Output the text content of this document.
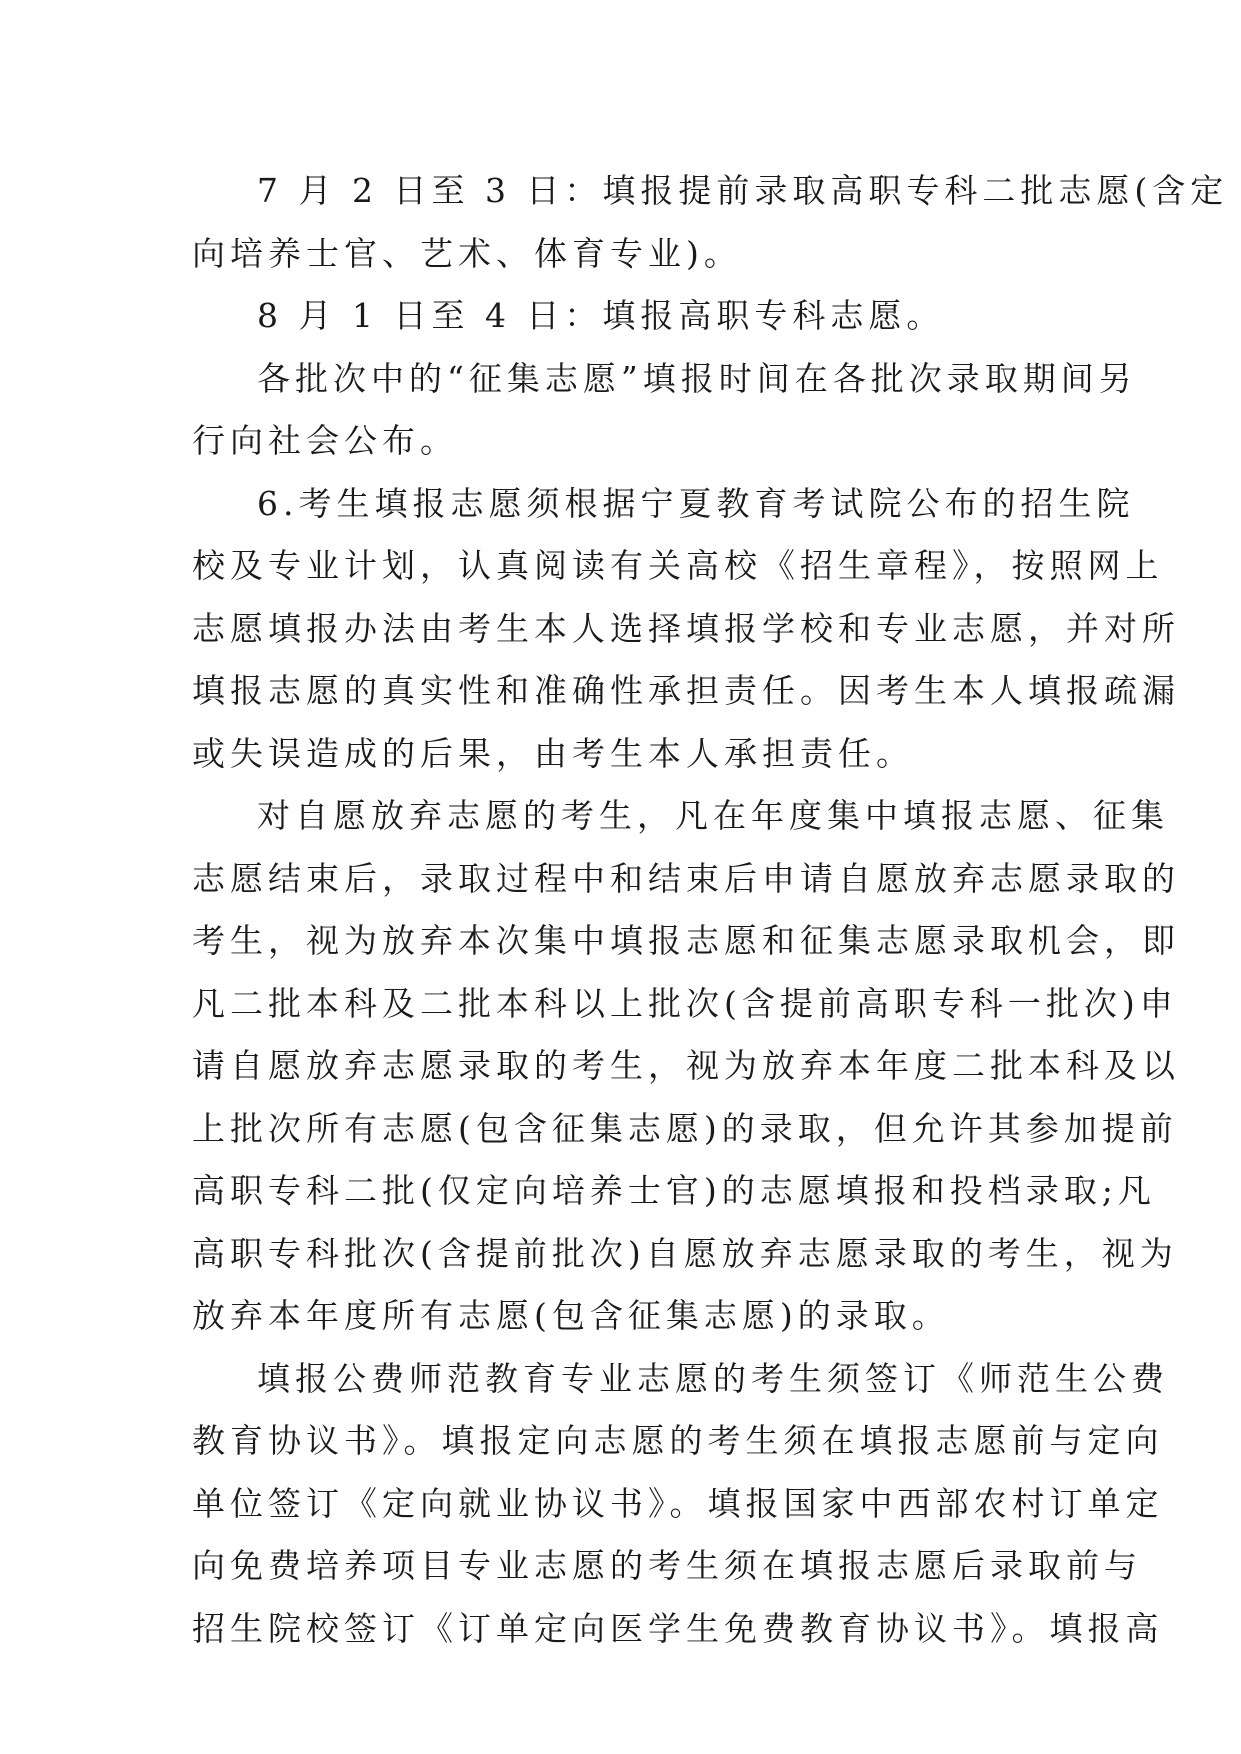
7 月 2 日至 3 日：填报提前录取高职专科二批志愿(含定
向培养士官、艺术、体育专业)。
8 月 1 日至 4 日：填报高职专科志愿。
各批次中的“征集志愿”填报时间在各批次录取期间另
行向社会公布。
6.考生填报志愿须根据宁夏教育考试院公布的招生院
校及专业计划，认真阅读有关高校《招生章程》，按照网上
志愿填报办法由考生本人选择填报学校和专业志愿，并对所
填报志愿的真实性和准确性承担责任。因考生本人填报疏漏
或失误造成的后果，由考生本人承担责任。
对自愿放弃志愿的考生，凡在年度集中填报志愿、征集
志愿结束后，录取过程中和结束后申请自愿放弃志愿录取的
考生，视为放弃本次集中填报志愿和征集志愿录取机会，即
凡二批本科及二批本科以上批次(含提前高职专科一批次)申
请自愿放弃志愿录取的考生，视为放弃本年度二批本科及以
上批次所有志愿(包含征集志愿)的录取，但允许其参加提前
高职专科二批(仅定向培养士官)的志愿填报和投档录取;凡
高职专科批次(含提前批次)自愿放弃志愿录取的考生，视为
放弃本年度所有志愿(包含征集志愿)的录取。
填报公费师范教育专业志愿的考生须签订《师范生公费
教育协议书》。填报定向志愿的考生须在填报志愿前与定向
单位签订《定向就业协议书》。填报国家中西部农村订单定
向免费培养项目专业志愿的考生须在填报志愿后录取前与
招生院校签订《订单定向医学生免费教育协议书》。填报高
